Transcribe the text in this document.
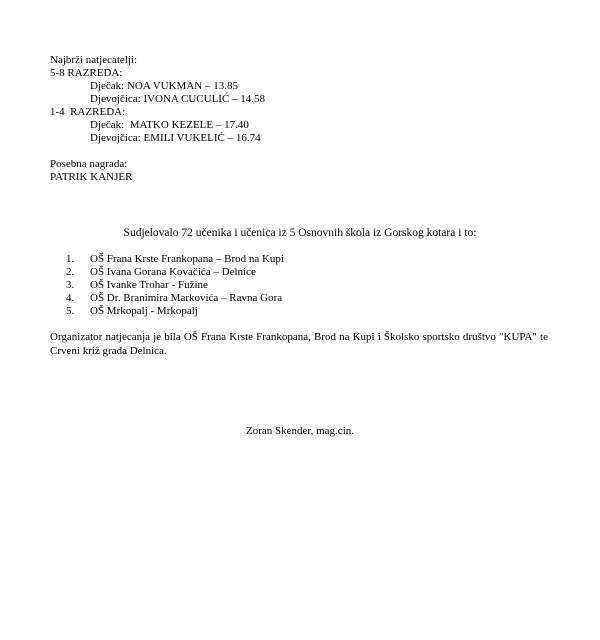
Najbrži natjecatelji:
5-8 RAZREDA:
Dječak: NOA VUKMAN – 13.85
Djevojčica: IVONA CUCULIĆ – 14.58
1-4  RAZREDA:
Dječak:  MATKO KEZELE – 17.40
Djevojčica: EMILI VUKELIĆ – 16.74
Posebna nagrada:
PATRIK KANJER
Sudjelovalo 72 učenika i učenica iz 5 Osnovnih škola iz Gorskog kotara i to:
1. OŠ Frana Krste Frankopana – Brod na Kupi
2. OŠ Ivana Gorana Kovačića – Delnice
3. OŠ Ivanke Trohar - Fužine
4. OŠ Dr. Branimira Markovića – Ravna Gora
5. OŠ Mrkopalj - Mrkopalj
Organizator natjecanja je bila OŠ Frana Krste Frankopana, Brod na Kupi i Školsko sportsko društvo "KUPA" te Crveni križ grada Delnica.
Zoran Skender, mag.cin.
